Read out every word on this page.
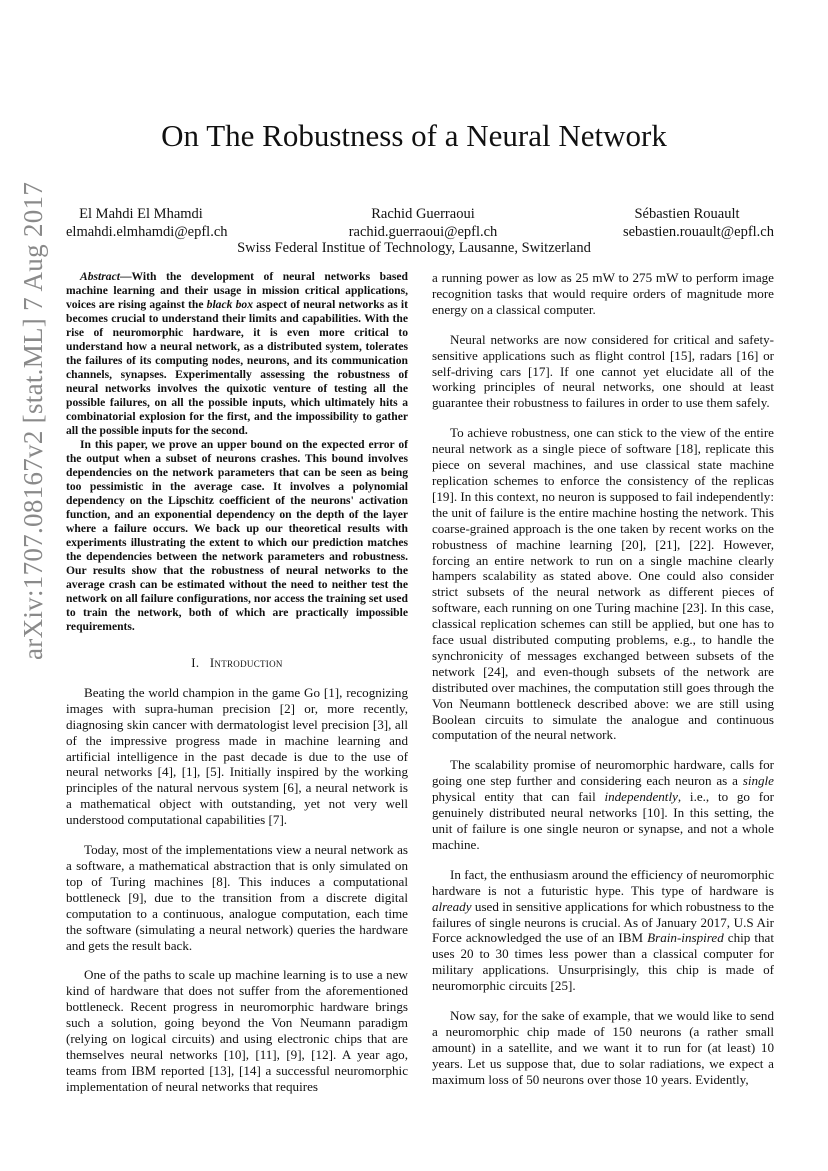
arXiv:1707.08167v2 [stat.ML] 7 Aug 2017
On The Robustness of a Neural Network
El Mahdi El Mhamdi
elmahdi.elmhamdi@epfl.ch
Rachid Guerraoui
rachid.guerraoui@epfl.ch
Sébastien Rouault
sebastien.rouault@epfl.ch
Swiss Federal Institue of Technology, Lausanne, Switzerland

Abstract—With the development of neural networks based machine learning and their usage in mission critical applications, voices are rising against the black box aspect of neural networks as it becomes crucial to understand their limits and capabilities. With the rise of neuromorphic hardware, it is even more critical to understand how a neural network, as a distributed system, tolerates the failures of its computing nodes, neurons, and its communication channels, synapses. Experimentally assessing the robustness of neural networks involves the quixotic venture of testing all the possible failures, on all the possible inputs, which ultimately hits a combinatorial explosion for the first, and the impossibility to gather all the possible inputs for the second.

In this paper, we prove an upper bound on the expected error of the output when a subset of neurons crashes. This bound involves dependencies on the network parameters that can be seen as being too pessimistic in the average case. It involves a polynomial dependency on the Lipschitz coefficient of the neurons' activation function, and an exponential dependency on the depth of the layer where a failure occurs. We back up our theoretical results with experiments illustrating the extent to which our prediction matches the dependencies between the network parameters and robustness. Our results show that the robustness of neural networks to the average crash can be estimated without the need to neither test the network on all failure configurations, nor access the training set used to train the network, both of which are practically impossible requirements.

I. Introduction

Beating the world champion in the game Go [1], recognizing images with supra-human precision [2] or, more recently, diagnosing skin cancer with dermatologist level precision [3], all of the impressive progress made in machine learning and artificial intelligence in the past decade is due to the use of neural networks [4], [1], [5]. Initially inspired by the working principles of the natural nervous system [6], a neural network is a mathematical object with outstanding, yet not very well understood computational capabilities [7].

Today, most of the implementations view a neural network as a software, a mathematical abstraction that is only simulated on top of Turing machines [8]. This induces a computational bottleneck [9], due to the transition from a discrete digital computation to a continuous, analogue computation, each time the software (simulating a neural network) queries the hardware and gets the result back.

One of the paths to scale up machine learning is to use a new kind of hardware that does not suffer from the aforementioned bottleneck. Recent progress in neuromorphic hardware brings such a solution, going beyond the Von Neumann paradigm (relying on logical circuits) and using electronic chips that are themselves neural networks [10], [11], [9], [12]. A year ago, teams from IBM reported [13], [14] a successful neuromorphic implementation of neural networks that requires

a running power as low as 25 mW to 275 mW to perform image recognition tasks that would require orders of magnitude more energy on a classical computer.

Neural networks are now considered for critical and safety-sensitive applications such as flight control [15], radars [16] or self-driving cars [17]. If one cannot yet elucidate all of the working principles of neural networks, one should at least guarantee their robustness to failures in order to use them safely.

To achieve robustness, one can stick to the view of the entire neural network as a single piece of software [18], replicate this piece on several machines, and use classical state machine replication schemes to enforce the consistency of the replicas [19]. In this context, no neuron is supposed to fail independently: the unit of failure is the entire machine hosting the network. This coarse-grained approach is the one taken by recent works on the robustness of machine learning [20], [21], [22]. However, forcing an entire network to run on a single machine clearly hampers scalability as stated above. One could also consider strict subsets of the neural network as different pieces of software, each running on one Turing machine [23]. In this case, classical replication schemes can still be applied, but one has to face usual distributed computing problems, e.g., to handle the synchronicity of messages exchanged between subsets of the network [24], and even-though subsets of the network are distributed over machines, the computation still goes through the Von Neumann bottleneck described above: we are still using Boolean circuits to simulate the analogue and continuous computation of the neural network.

The scalability promise of neuromorphic hardware, calls for going one step further and considering each neuron as a single physical entity that can fail independently, i.e., to go for genuinely distributed neural networks [10]. In this setting, the unit of failure is one single neuron or synapse, and not a whole machine.

In fact, the enthusiasm around the efficiency of neuromorphic hardware is not a futuristic hype. This type of hardware is already used in sensitive applications for which robustness to the failures of single neurons is crucial. As of January 2017, U.S Air Force acknowledged the use of an IBM Brain-inspired chip that uses 20 to 30 times less power than a classical computer for military applications. Unsurprisingly, this chip is made of neuromorphic circuits [25].

Now say, for the sake of example, that we would like to send a neuromorphic chip made of 150 neurons (a rather small amount) in a satellite, and we want it to run for (at least) 10 years. Let us suppose that, due to solar radiations, we expect a maximum loss of 50 neurons over those 10 years. Evidently,
